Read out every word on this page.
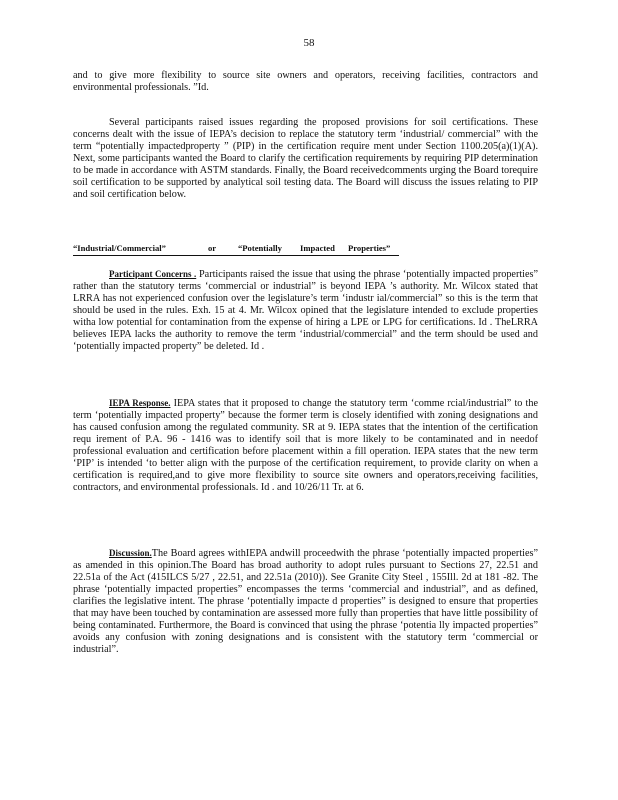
58

and to give more flexibility to source site owners and operators, receiving facilities, contractors and environmental professionals. ”Id.

Several participants raised issues regarding the proposed provisions for soil certifications. These concerns dealt with the issue of IEPA’s decision to replace the statutory term ‘industrial/ commercial” with the term “potentially impactedproperty ” (PIP) in the certification require ment under Section 1100.205(a)(1)(A). Next, some participants wanted the Board to clarify the certification requirements by requiring PIP determination to be made in accordance with ASTM standards. Finally, the Board receivedcomments urging the Board torequire soil certification to be supported by analytical soil testing data. The Board will discuss the issues relating to PIP and soil certification below.

“Industrial/Commercial”	or	“Potentially	Impacted	Properties”

Participant Concerns . Participants raised the issue that using the phrase ‘potentially impacted properties” rather than the statutory terms ‘commercial or industrial” is beyond IEPA ’s authority. Mr. Wilcox stated that LRRA has not experienced confusion over the legislature’s term ‘industr ial/commercial” so this is the term that should be used in the rules. Exh. 15 at 4. Mr. Wilcox opined that the legislature intended to exclude properties witha low potential for contamination from the expense of hiring a LPE or LPG for certifications. Id . TheLRRA believes IEPA lacks the authority to remove the term ‘industrial/commercial” and the term should be used and ‘potentially impacted property” be deleted. Id .

IEPA Response. IEPA states that it proposed to change the statutory term ‘comme rcial/industrial” to the term ‘potentially impacted property” because the former term is closely identified with zoning designations and has caused confusion among the regulated community. SR at 9. IEPA states that the intention of the certification requ irement of P.A. 96 - 1416 was to identify soil that is more likely to be contaminated and in needof professional evaluation and certification before placement within a fill operation. IEPA states that the new term ‘PIP’ is intended ‘to better align with the purpose of the certification requirement, to provide clarity on when a certification is required,and to give more flexibility to source site owners and operators,receiving facilities, contractors, and environmental professionals. Id . and 10/26/11 Tr. at 6.

Discussion.The Board agrees withIEPA andwill proceedwith the phrase ‘potentially impacted properties” as amended in this opinion.The Board has broad authority to adopt rules pursuant to Sections 27, 22.51 and 22.51a of the Act (415ILCS 5/27 , 22.51, and 22.51a (2010)). See Granite City Steel , 155Ill. 2d at 181 -82. The phrase ‘potentially impacted properties” encompasses the terms ‘commercial and industrial”, and as defined, clarifies the legislative intent. The phrase ‘potentially impacte d properties” is designed to ensure that properties that may have been touched by contamination are assessed more fully than properties that have little possibility of being contaminated. Furthermore, the Board is convinced that using the phrase ‘potentia lly impacted properties” avoids any confusion with zoning designations and is consistent with the statutory term ‘commercial or industrial”.
